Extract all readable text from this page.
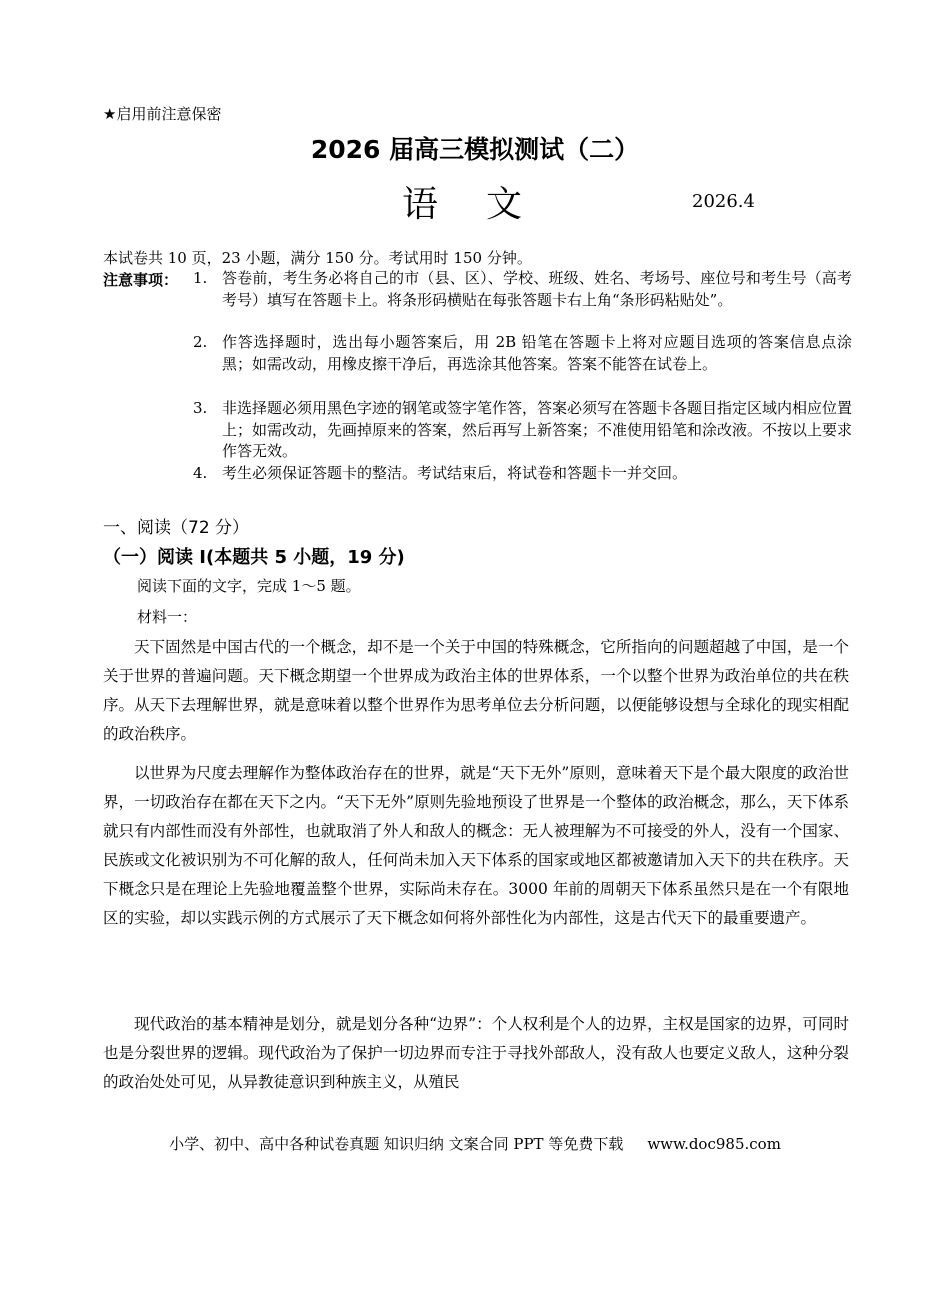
★启用前注意保密
2026 届高三模拟测试（二）
语文	2026.4
本试卷共 10 页，23 小题，满分 150 分。考试用时 150 分钟。
注意事项： 1. 答卷前，考生务必将自己的市（县、区）、学校、班级、姓名、考场号、座位号和考生号（高考考号）填写在答题卡上。将条形码横贴在每张答题卡右上角“条形码粘贴处”。
2. 作答选择题时，选出每小题答案后，用 2B 铅笔在答题卡上将对应题目选项的答案信息点涂黑；如需改动，用橡皮擦干净后，再选涂其他答案。答案不能答在试卷上。
3. 非选择题必须用黑色字迹的钢笔或签字笔作答，答案必须写在答题卡各题目指定区域内相应位置上；如需改动，先画掉原来的答案，然后再写上新答案；不准使用铅笔和涂改液。不按以上要求作答无效。
4. 考生必须保证答题卡的整洁。考试结束后，将试卷和答题卡一并交回。
一、阅读（72 分）
（一）阅读 I(本题共 5 小题，19 分)
阅读下面的文字，完成 1～5 题。
材料一：

天下固然是中国古代的一个概念，却不是一个关于中国的特殊概念，它所指向的问题超越了中国，是一个关于世界的普遍问题。天下概念期望一个世界成为政治主体的世界体系，一个以整个世界为政治单位的共在秩序。从天下去理解世界，就是意味着以整个世界作为思考单位去分析问题，以便能够设想与全球化的现实相配的政治秩序。

以世界为尺度去理解作为整体政治存在的世界，就是“天下无外”原则，意味着天下是个最大限度的政治世界，一切政治存在都在天下之内。“天下无外”原则先验地预设了世界是一个整体的政治概念，那么，天下体系就只有内部性而没有外部性，也就取消了外人和敌人的概念：无人被理解为不可接受的外人，没有一个国家、民族或文化被识别为不可化解的敌人，任何尚未加入天下体系的国家或地区都被邀请加入天下的共在秩序。天下概念只是在理论上先验地覆盖整个世界，实际尚未存在。3000 年前的周朝天下体系虽然只是在一个有限地区的实验，却以实践示例的方式展示了天下概念如何将外部性化为内部性，这是古代天下的最重要遗产。

现代政治的基本精神是划分，就是划分各种“边界”：个人权利是个人的边界，主权是国家的边界，可同时也是分裂世界的逻辑。现代政治为了保护一切边界而专注于寻找外部敌人，没有敌人也要定义敌人，这种分裂的政治处处可见，从异教徒意识到种族主义，从殖民

小学、初中、高中各种试卷真题 知识归纳 文案合同 PPT 等免费下载 www.doc985.com
